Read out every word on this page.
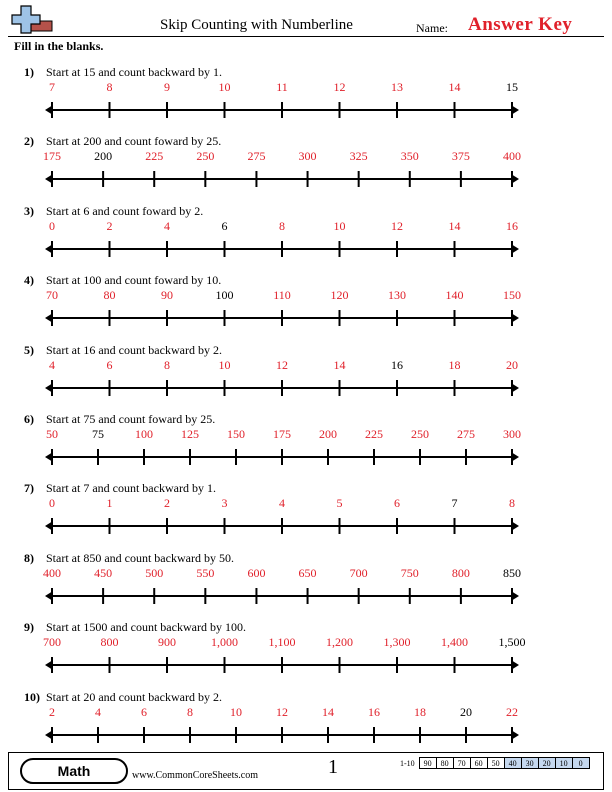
Skip Counting with Numberline	Name: Answer Key
Fill in the blanks.
1) Start at 15 and count backward by 1.
7	8	9	10	11	12	13	14	15
2) Start at 200 and count foward by 25.
175	200	225	250	275	300	325	350	375	400
3) Start at 6 and count foward by 2.
0	2	4	6	8	10	12	14	16
4) Start at 100 and count foward by 10.
70	80	90	100	110	120	130	140	150
5) Start at 16 and count backward by 2.
4	6	8	10	12	14	16	18	20
6) Start at 75 and count foward by 25.
50	75	100 125 150 175 200 225 250 275 300
7) Start at 7 and count backward by 1.
0	1	2	3	4	5	6	7	8
8) Start at 850 and count backward by 50.
400	450	500	550	600	650	700	750	800	850
9) Start at 1500 and count backward by 100.
700	800	900	1,000	1,100	1,200	1,300	1,400	1,500
10) Start at 20 and count backward by 2.
2	4	6	8	10	12	14	16	18	20	22
Math	www.CommonCoreSheets.com	1	1-10	90	80	70	60	50	40	30	20	10	0
